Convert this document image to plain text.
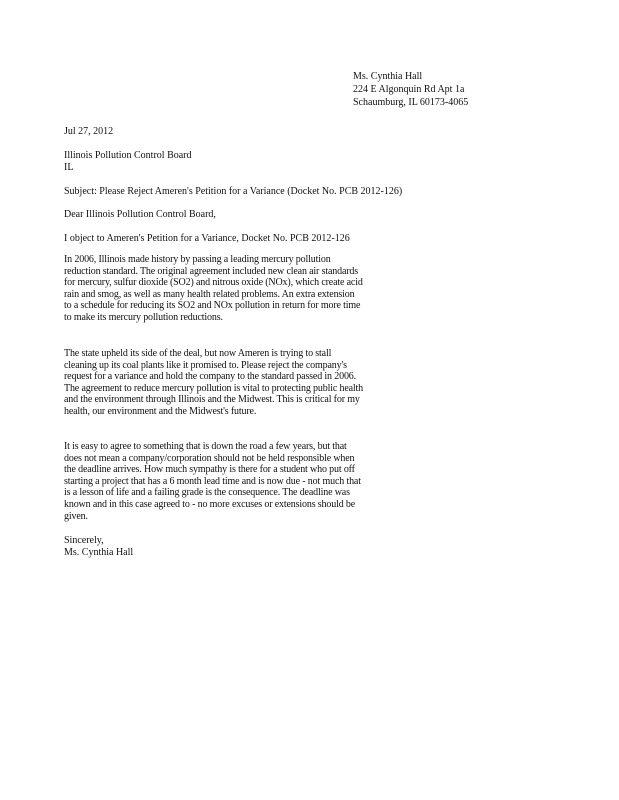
Ms. Cynthia Hall
224 E Algonquin Rd Apt 1a
Schaumburg, IL 60173-4065
Jul 27, 2012
Illinois Pollution Control Board
IL
Subject: Please Reject Ameren's Petition for a Variance (Docket No. PCB 2012-126)
Dear Illinois Pollution Control Board,
I object to Ameren's Petition for a Variance, Docket No. PCB 2012-126
In 2006, Illinois made history by passing a leading mercury pollution reduction standard. The original agreement included new clean air standards for mercury, sulfur dioxide (SO2) and nitrous oxide (NOx), which create acid rain and smog, as well as many health related problems. An extra extension to a schedule for reducing its SO2 and NOx pollution in return for more time to make its mercury pollution reductions.
The state upheld its side of the deal, but now Ameren is trying to stall cleaning up its coal plants like it promised to. Please reject the company's request for a variance and hold the company to the standard passed in 2006. The agreement to reduce mercury pollution is vital to protecting public health and the environment through Illinois and the Midwest. This is critical for my health, our environment and the Midwest's future.
It is easy to agree to something that is down the road a few years, but that does not mean a company/corporation should not be held responsible when the deadline arrives. How much sympathy is there for a student who put off starting a project that has a 6 month lead time and is now due - not much that is a lesson of life and a failing grade is the consequence. The deadline was known and in this case agreed to - no more excuses or extensions should be given.
Sincerely,
Ms. Cynthia Hall
